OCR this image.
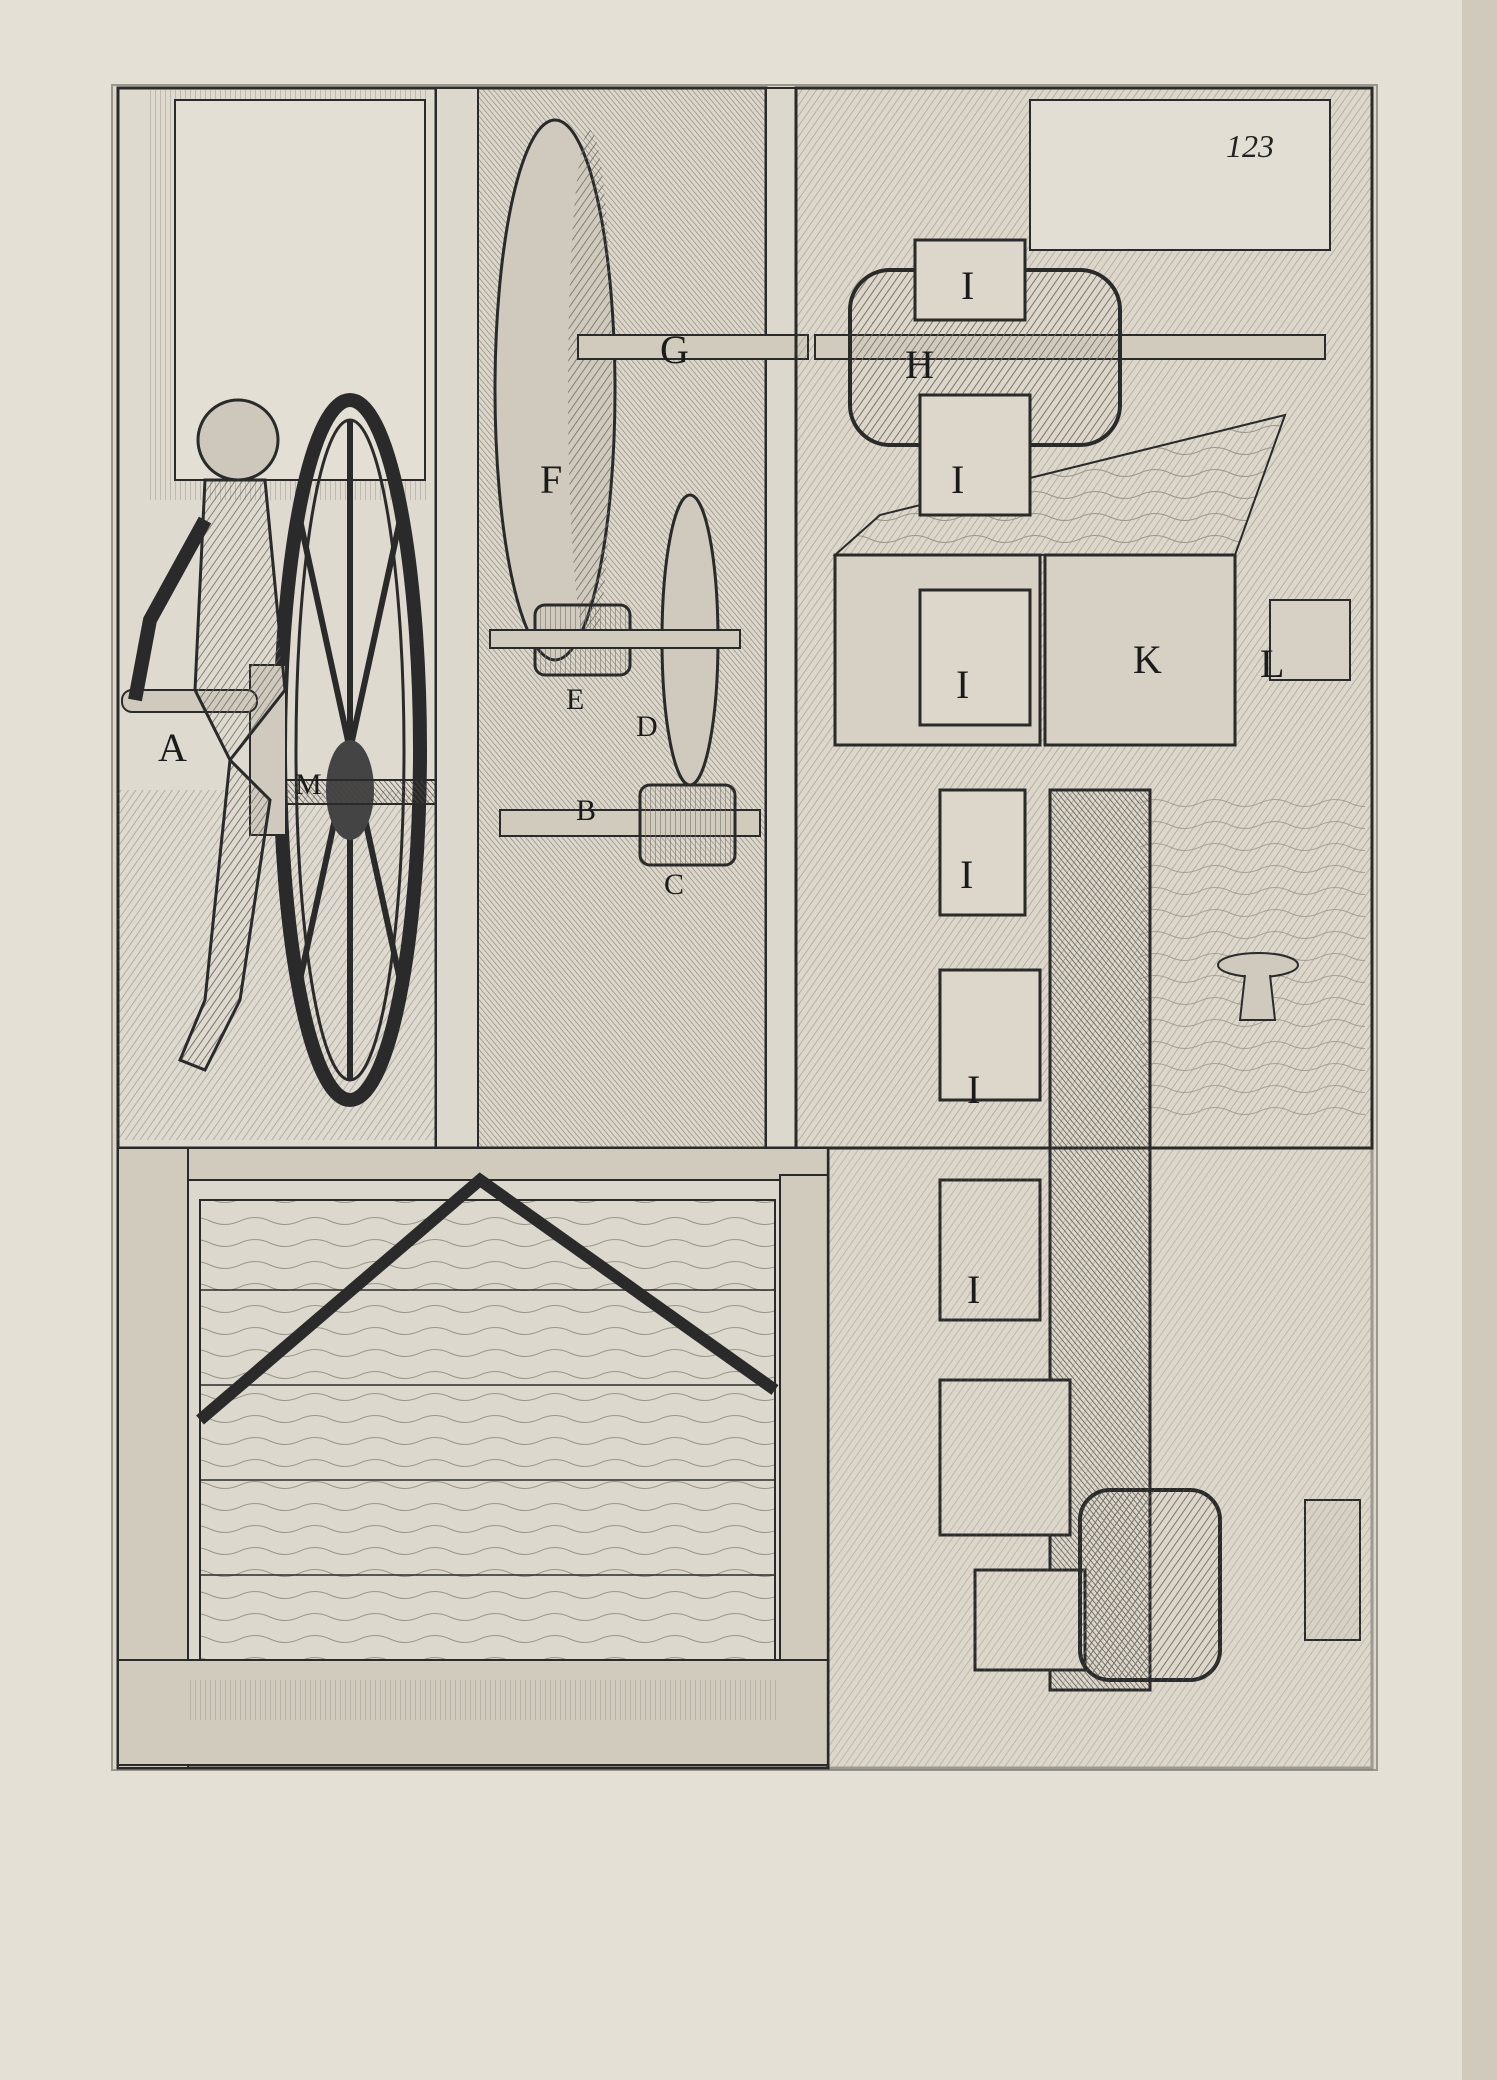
123
A
M
F
G
E
D
B
C
I
H
I
I
K L
I
I
I
